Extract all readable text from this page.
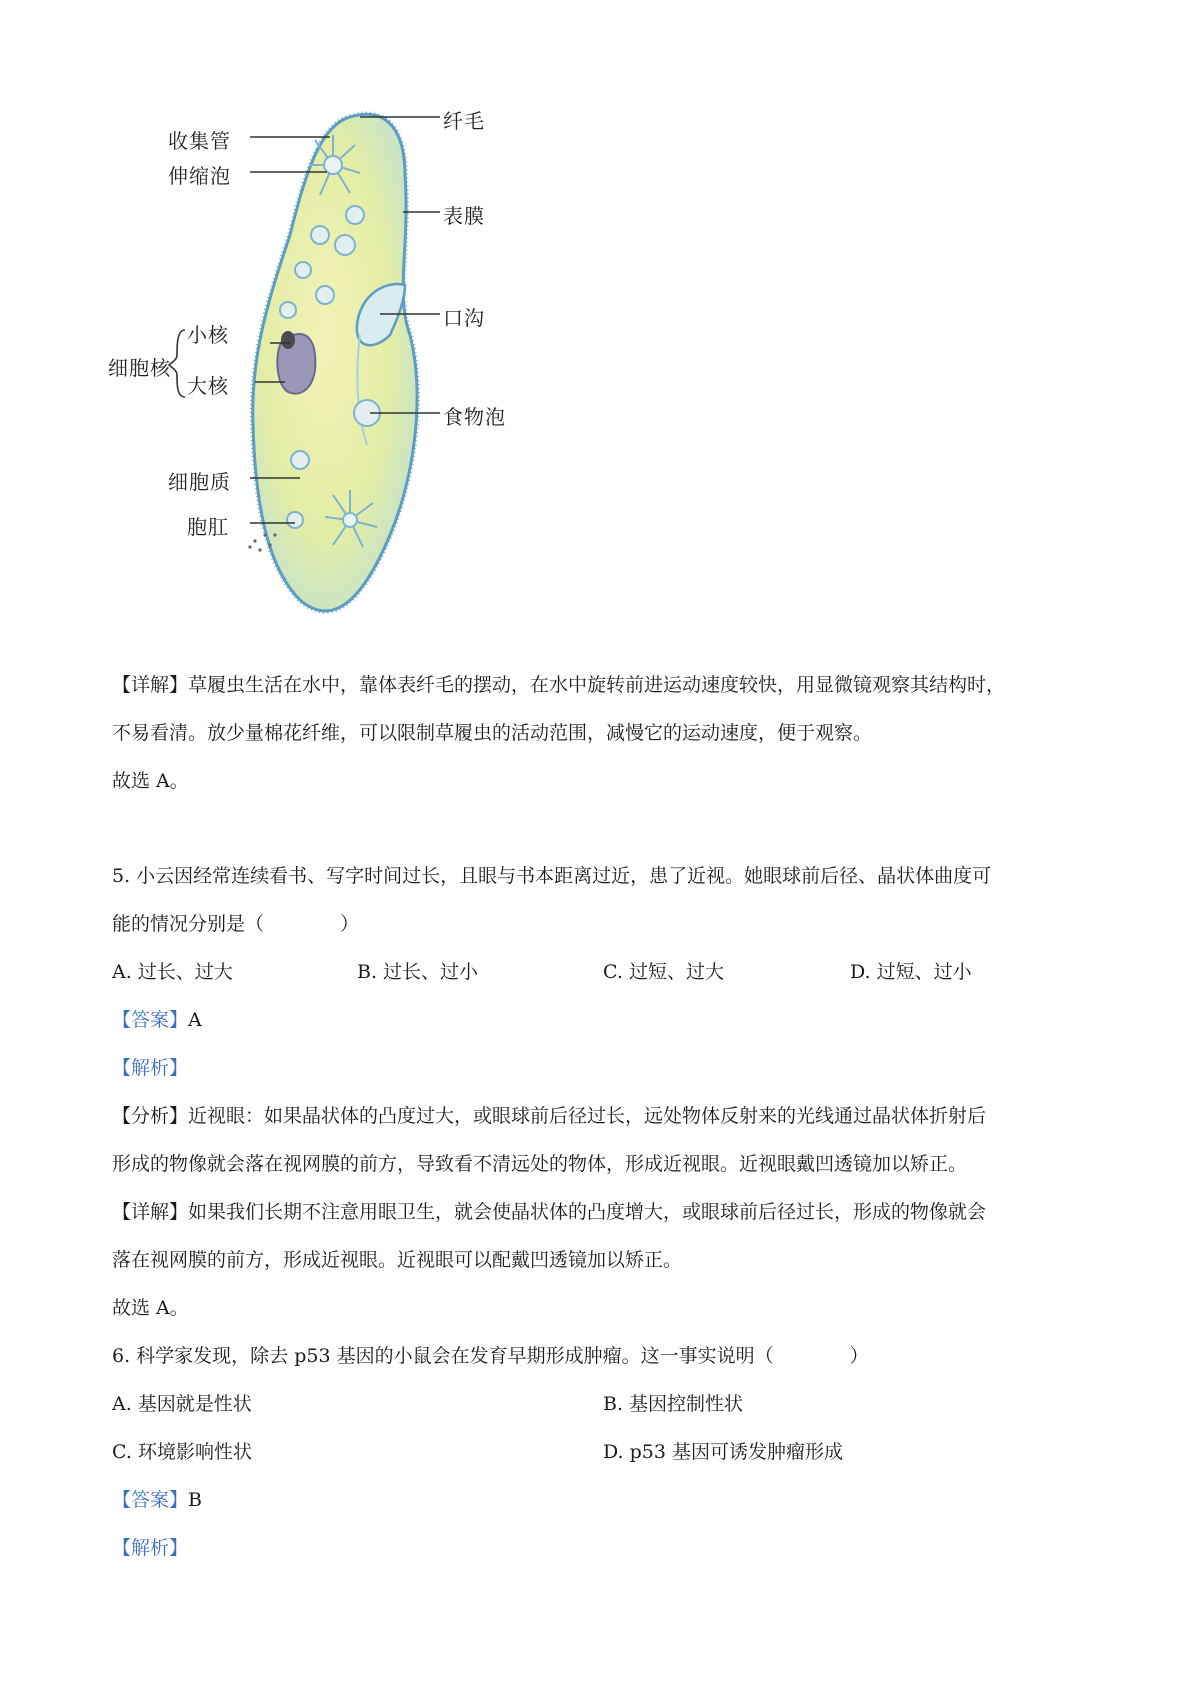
纤毛
收集管
伸缩泡
表膜
口沟
细胞核
小核
大核
食物泡
细胞质
胞肛
【详解】草履虫生活在水中，靠体表纤毛的摆动，在水中旋转前进运动速度较快，用显微镜观察其结构时，
不易看清。放少量棉花纤维，可以限制草履虫的活动范围，减慢它的运动速度，便于观察。
故选 A。
5. 小云因经常连续看书、写字时间过长，且眼与书本距离过近，患了近视。她眼球前后径、晶状体曲度可
能的情况分别是（　　　　）
A. 过长、过大	B. 过长、过小	C. 过短、过大	D. 过短、过小
【答案】A
【解析】
【分析】近视眼：如果晶状体的凸度过大，或眼球前后径过长，远处物体反射来的光线通过晶状体折射后
形成的物像就会落在视网膜的前方，导致看不清远处的物体，形成近视眼。近视眼戴凹透镜加以矫正。
【详解】如果我们长期不注意用眼卫生，就会使晶状体的凸度增大，或眼球前后径过长，形成的物像就会
落在视网膜的前方，形成近视眼。近视眼可以配戴凹透镜加以矫正。
故选 A。
6. 科学家发现，除去 p53 基因的小鼠会在发育早期形成肿瘤。这一事实说明（　　　　）
A. 基因就是性状	B. 基因控制性状
C. 环境影响性状	D. p53 基因可诱发肿瘤形成
【答案】B
【解析】
